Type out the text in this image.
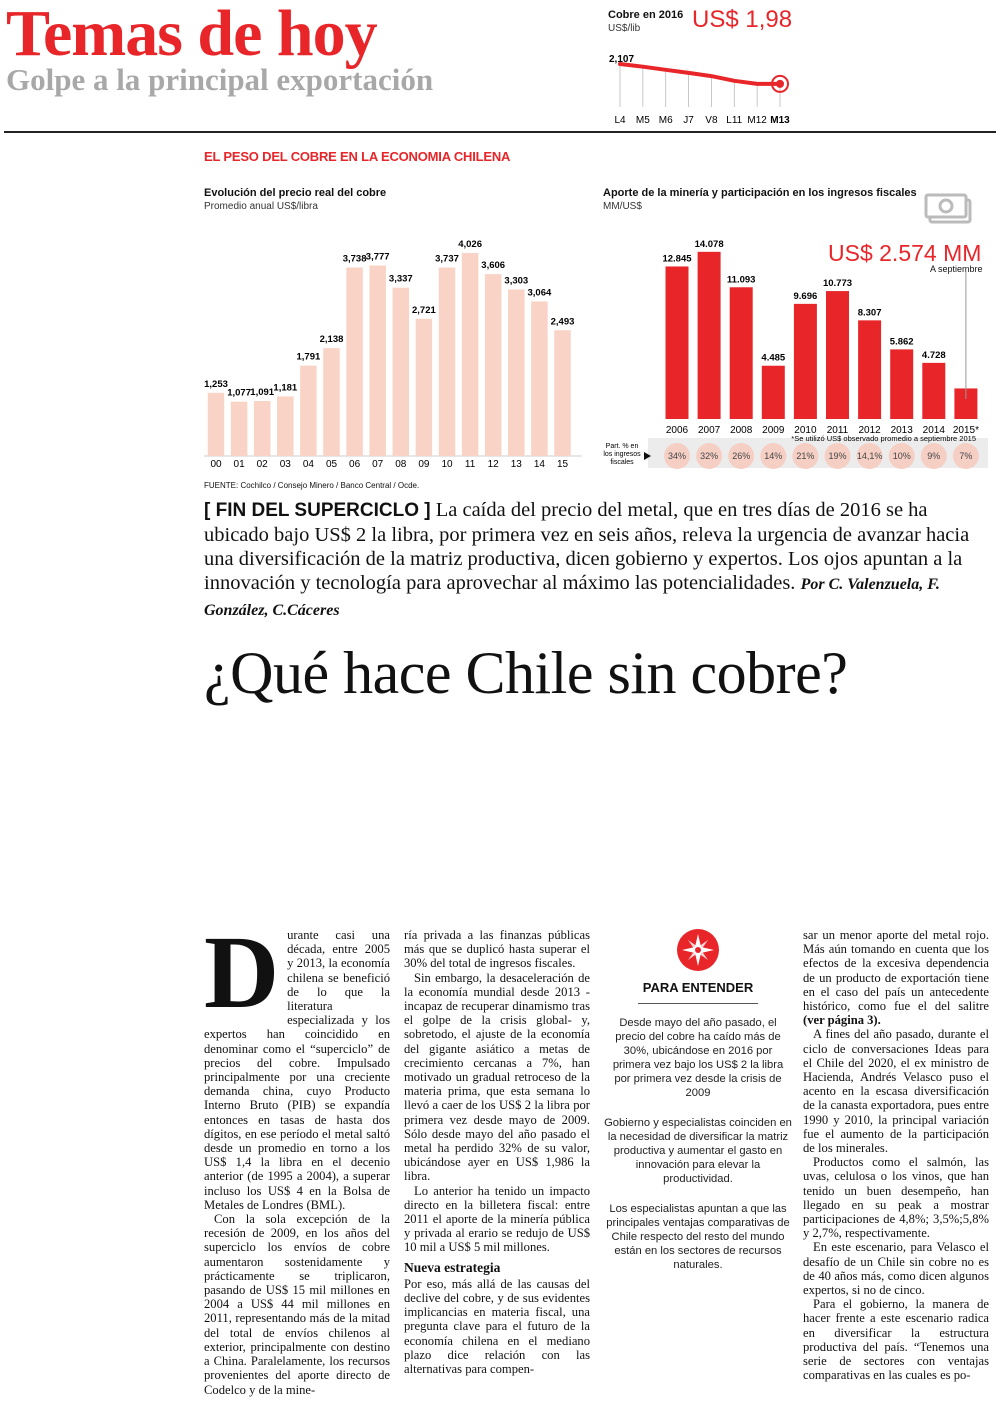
Temas de hoy
Golpe a la principal exportación
Cobre en 2016
US$/lib US$ 1,98
2,107
L4 M5 M6 J7 V8 L11 M12 M13
EL PESO DEL COBRE EN LA ECONOMIA CHILENA
Evolución del precio real del cobre
Promedio anual US$/libra
1,253
00
1,077
01
1,091
02
1,181
03
1,791
04
2,138
05
3,738
06
3,777
07
3,337
08
2,721
09
3,737
10
4,026
11
3,606
12
3,303
13
3,064
14
2,493
15
Aporte de la minería y participación en los ingresos fiscales
MM/US$
US$ 2.574 MM
A septiembre
12.845
2006
34%
14.078
2007
32%
11.093
2008
26%
4.485
2009
14%
9.696
2010
21%
10.773
2011
19%
8.307
2012
14,1%
5.862
2013
10%
4.728
2014
9%
2015*
7%
*Se utilizó US$ observado promedio a septiembre 2015
Part. % en
los ingresos
fiscales
FUENTE: Cochilco / Consejo Minero / Banco Central / Ocde.
[ FIN DEL SUPERCICLO ] La caída del precio del metal, que en tres días de 2016 se ha ubicado bajo US$ 2 la libra, por primera vez en seis años, releva la urgencia de avanzar hacia una diversificación de la matriz productiva, dicen gobierno y expertos. Los ojos apuntan a la innovación y tecnología para aprovechar al máximo las potencialidades. Por C. Valenzuela, F. González, C.Cáceres
¿Qué hace Chile sin cobre?
D urante casi una década, entre 2005 y 2013, la economía chilena se benefició de lo que la literatura especializada y los expertos han coincidido en denominar como el “superciclo” de precios del cobre. Impulsado principalmente por una creciente demanda china, cuyo Producto Interno Bruto (PIB) se expandía entonces en tasas de hasta dos dígitos, en ese período el metal saltó desde un promedio en torno a los US$ 1,4 la libra en el decenio anterior (de 1995 a 2004), a superar incluso los US$ 4 en la Bolsa de Metales de Londres (BML).

Con la sola excepción de la recesión de 2009, en los años del superciclo los envíos de cobre aumentaron sostenidamente y prácticamente se triplicaron, pasando de US$ 15 mil millones en 2004 a US$ 44 mil millones en 2011, representando más de la mitad del total de envíos chilenos al exterior, principalmente con destino a China. Paralelamente, los recursos provenientes del aporte directo de Codelco y de la mine-

ría privada a las finanzas públicas más que se duplicó hasta superar el 30% del total de ingresos fiscales.

Sin embargo, la desaceleración de la economía mundial desde 2013 -incapaz de recuperar dinamismo tras el golpe de la crisis global- y, sobretodo, el ajuste de la economía del gigante asiático a metas de crecimiento cercanas a 7%, han motivado un gradual retroceso de la materia prima, que esta semana lo llevó a caer de los US$ 2 la libra por primera vez desde mayo de 2009. Sólo desde mayo del año pasado el metal ha perdido 32% de su valor, ubicándose ayer en US$ 1,986 la libra.

Lo anterior ha tenido un impacto directo en la billetera fiscal: entre 2011 el aporte de la minería pública y privada al erario se redujo de US$ 10 mil a US$ 5 mil millones.

Nueva estrategia

Por eso, más allá de las causas del declive del cobre, y de sus evidentes implicancias en materia fiscal, una pregunta clave para el futuro de la economía chilena en el mediano plazo dice relación con las alternativas para compen-

PARA ENTENDER

Desde mayo del año pasado, el precio del cobre ha caído más de 30%, ubicándose en 2016 por primera vez bajo los US$ 2 la libra por primera vez desde la crisis de 2009

Gobierno y especialistas coinciden en la necesidad de diversificar la matriz productiva y aumentar el gasto en innovación para elevar la productividad.

Los especialistas apuntan a que las principales ventajas comparativas de Chile respecto del resto del mundo están en los sectores de recursos naturales.

sar un menor aporte del metal rojo. Más aún tomando en cuenta que los efectos de la excesiva dependencia de un producto de exportación tiene en el caso del país un antecedente histórico, como fue el del salitre (ver página 3).

A fines del año pasado, durante el ciclo de conversaciones Ideas para el Chile del 2020, el ex ministro de Hacienda, Andrés Velasco puso el acento en la escasa diversificación de la canasta exportadora, pues entre 1990 y 2010, la principal variación fue el aumento de la participación de los minerales.

Productos como el salmón, las uvas, celulosa o los vinos, que han tenido un buen desempeño, han llegado en su peak a mostrar participaciones de 4,8%; 3,5%;5,8% y 2,7%, respectivamente.

En este escenario, para Velasco el desafío de un Chile sin cobre no es de 40 años más, como dicen algunos expertos, si no de cinco.

Para el gobierno, la manera de hacer frente a este escenario radica en diversificar la estructura productiva del país. “Tenemos una serie de sectores con ventajas comparativas en las cuales es po-
